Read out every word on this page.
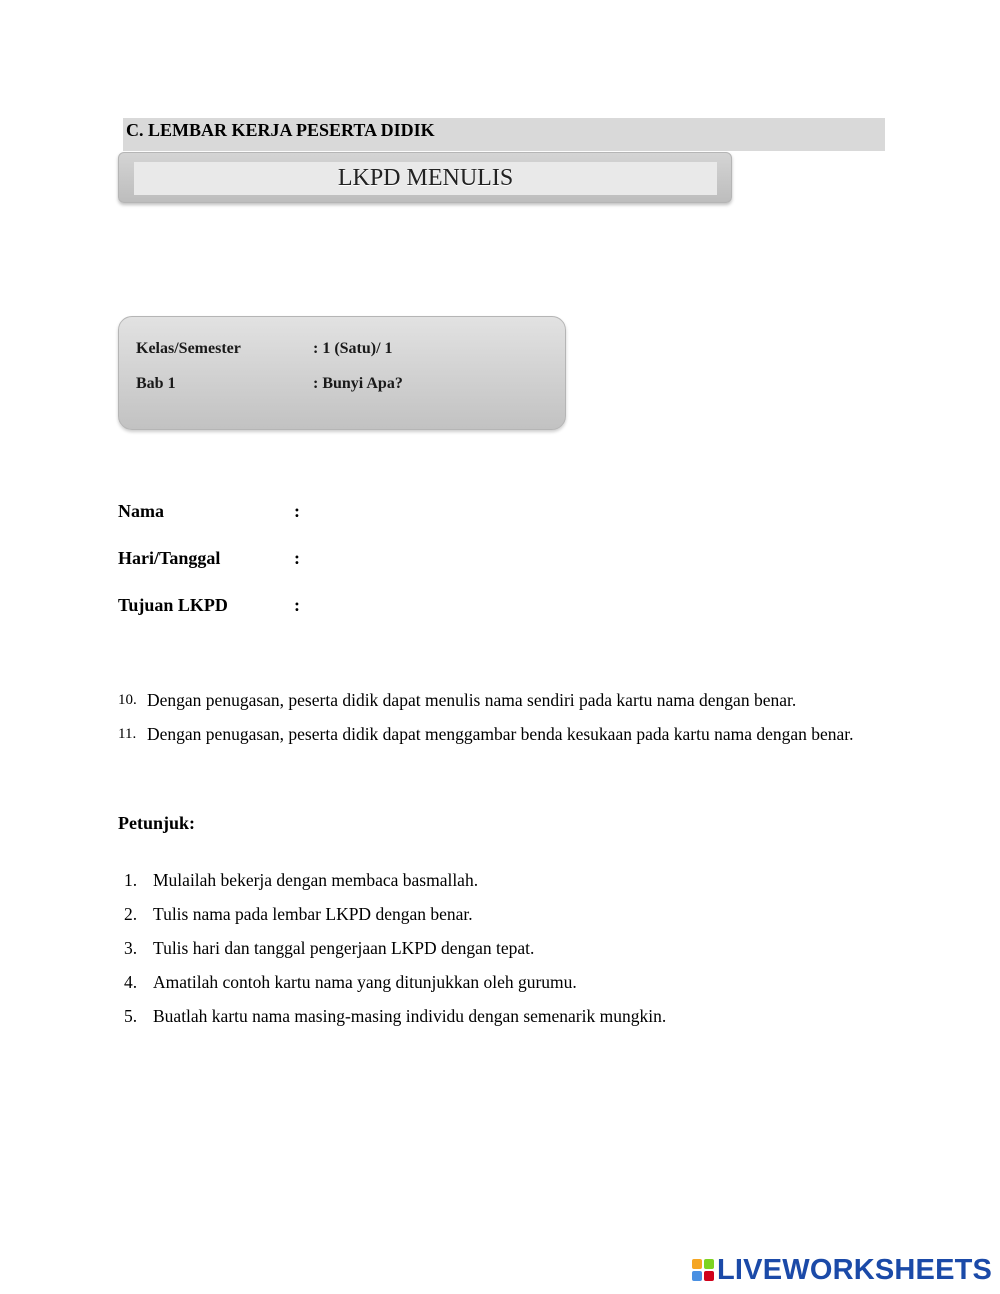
C. LEMBAR KERJA PESERTA DIDIK
LKPD MENULIS
Kelas/Semester	: 1 (Satu)/ 1
Bab 1	: Bunyi Apa?
Nama	:
Hari/Tanggal	:
Tujuan LKPD	:
10. Dengan penugasan, peserta didik dapat menulis nama sendiri pada kartu nama dengan benar.
11. Dengan penugasan, peserta didik dapat menggambar benda kesukaan pada kartu nama dengan benar.
Petunjuk:
1. Mulailah bekerja dengan membaca basmallah.
2. Tulis nama pada lembar LKPD dengan benar.
3. Tulis hari dan tanggal pengerjaan LKPD dengan tepat.
4. Amatilah contoh kartu nama yang ditunjukkan oleh gurumu.
5. Buatlah kartu nama masing-masing individu dengan semenarik mungkin.
LIVEWORKSHEETS
